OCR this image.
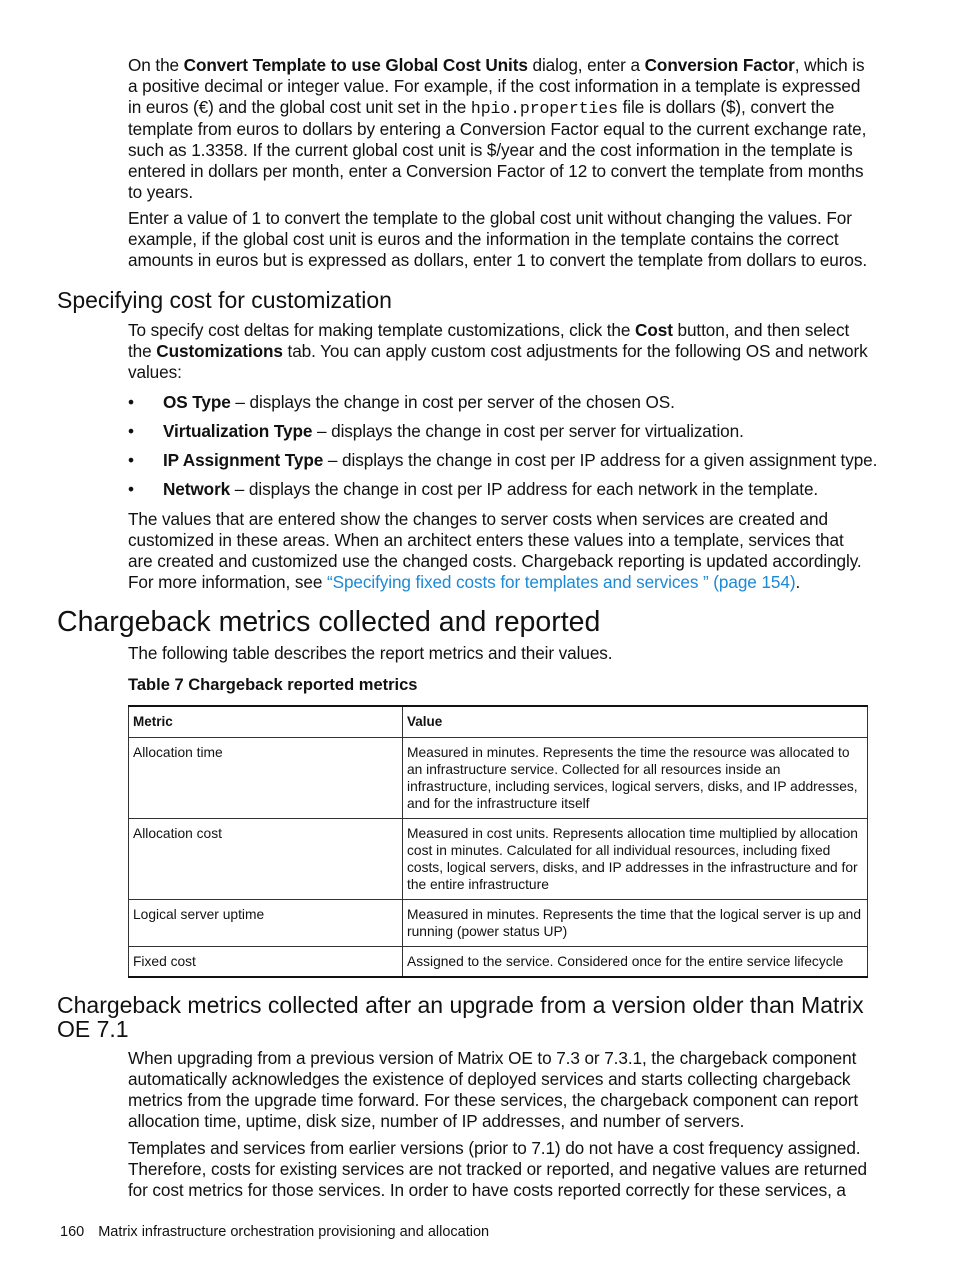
On the Convert Template to use Global Cost Units dialog, enter a Conversion Factor, which is a positive decimal or integer value. For example, if the cost information in a template is expressed in euros (€) and the global cost unit set in the hpio.properties file is dollars ($), convert the template from euros to dollars by entering a Conversion Factor equal to the current exchange rate, such as 1.3358. If the current global cost unit is $/year and the cost information in the template is entered in dollars per month, enter a Conversion Factor of 12 to convert the template from months to years.

Enter a value of 1 to convert the template to the global cost unit without changing the values. For example, if the global cost unit is euros and the information in the template contains the correct amounts in euros but is expressed as dollars, enter 1 to convert the template from dollars to euros.

Specifying cost for customization

To specify cost deltas for making template customizations, click the Cost button, and then select the Customizations tab. You can apply custom cost adjustments for the following OS and network values:

• OS Type – displays the change in cost per server of the chosen OS.
• Virtualization Type – displays the change in cost per server for virtualization.
• IP Assignment Type – displays the change in cost per IP address for a given assignment type.
• Network – displays the change in cost per IP address for each network in the template.

The values that are entered show the changes to server costs when services are created and customized in these areas. When an architect enters these values into a template, services that are created and customized use the changed costs. Chargeback reporting is updated accordingly. For more information, see “Specifying fixed costs for templates and services ” (page 154).

Chargeback metrics collected and reported

The following table describes the report metrics and their values.

Table 7 Chargeback reported metrics
Metric	Value
Allocation time	Measured in minutes. Represents the time the resource was allocated to an infrastructure service. Collected for all resources inside an infrastructure, including services, logical servers, disks, and IP addresses, and for the infrastructure itself
Allocation cost	Measured in cost units. Represents allocation time multiplied by allocation cost in minutes. Calculated for all individual resources, including fixed costs, logical servers, disks, and IP addresses in the infrastructure and for the entire infrastructure
Logical server uptime	Measured in minutes. Represents the time that the logical server is up and running (power status UP)
Fixed cost	Assigned to the service. Considered once for the entire service lifecycle
Chargeback metrics collected after an upgrade from a version older than Matrix OE 7.1

When upgrading from a previous version of Matrix OE to 7.3 or 7.3.1, the chargeback component automatically acknowledges the existence of deployed services and starts collecting chargeback metrics from the upgrade time forward. For these services, the chargeback component can report allocation time, uptime, disk size, number of IP addresses, and number of servers.

Templates and services from earlier versions (prior to 7.1) do not have a cost frequency assigned. Therefore, costs for existing services are not tracked or reported, and negative values are returned for cost metrics for those services. In order to have costs reported correctly for these services, a

160 Matrix infrastructure orchestration provisioning and allocation
